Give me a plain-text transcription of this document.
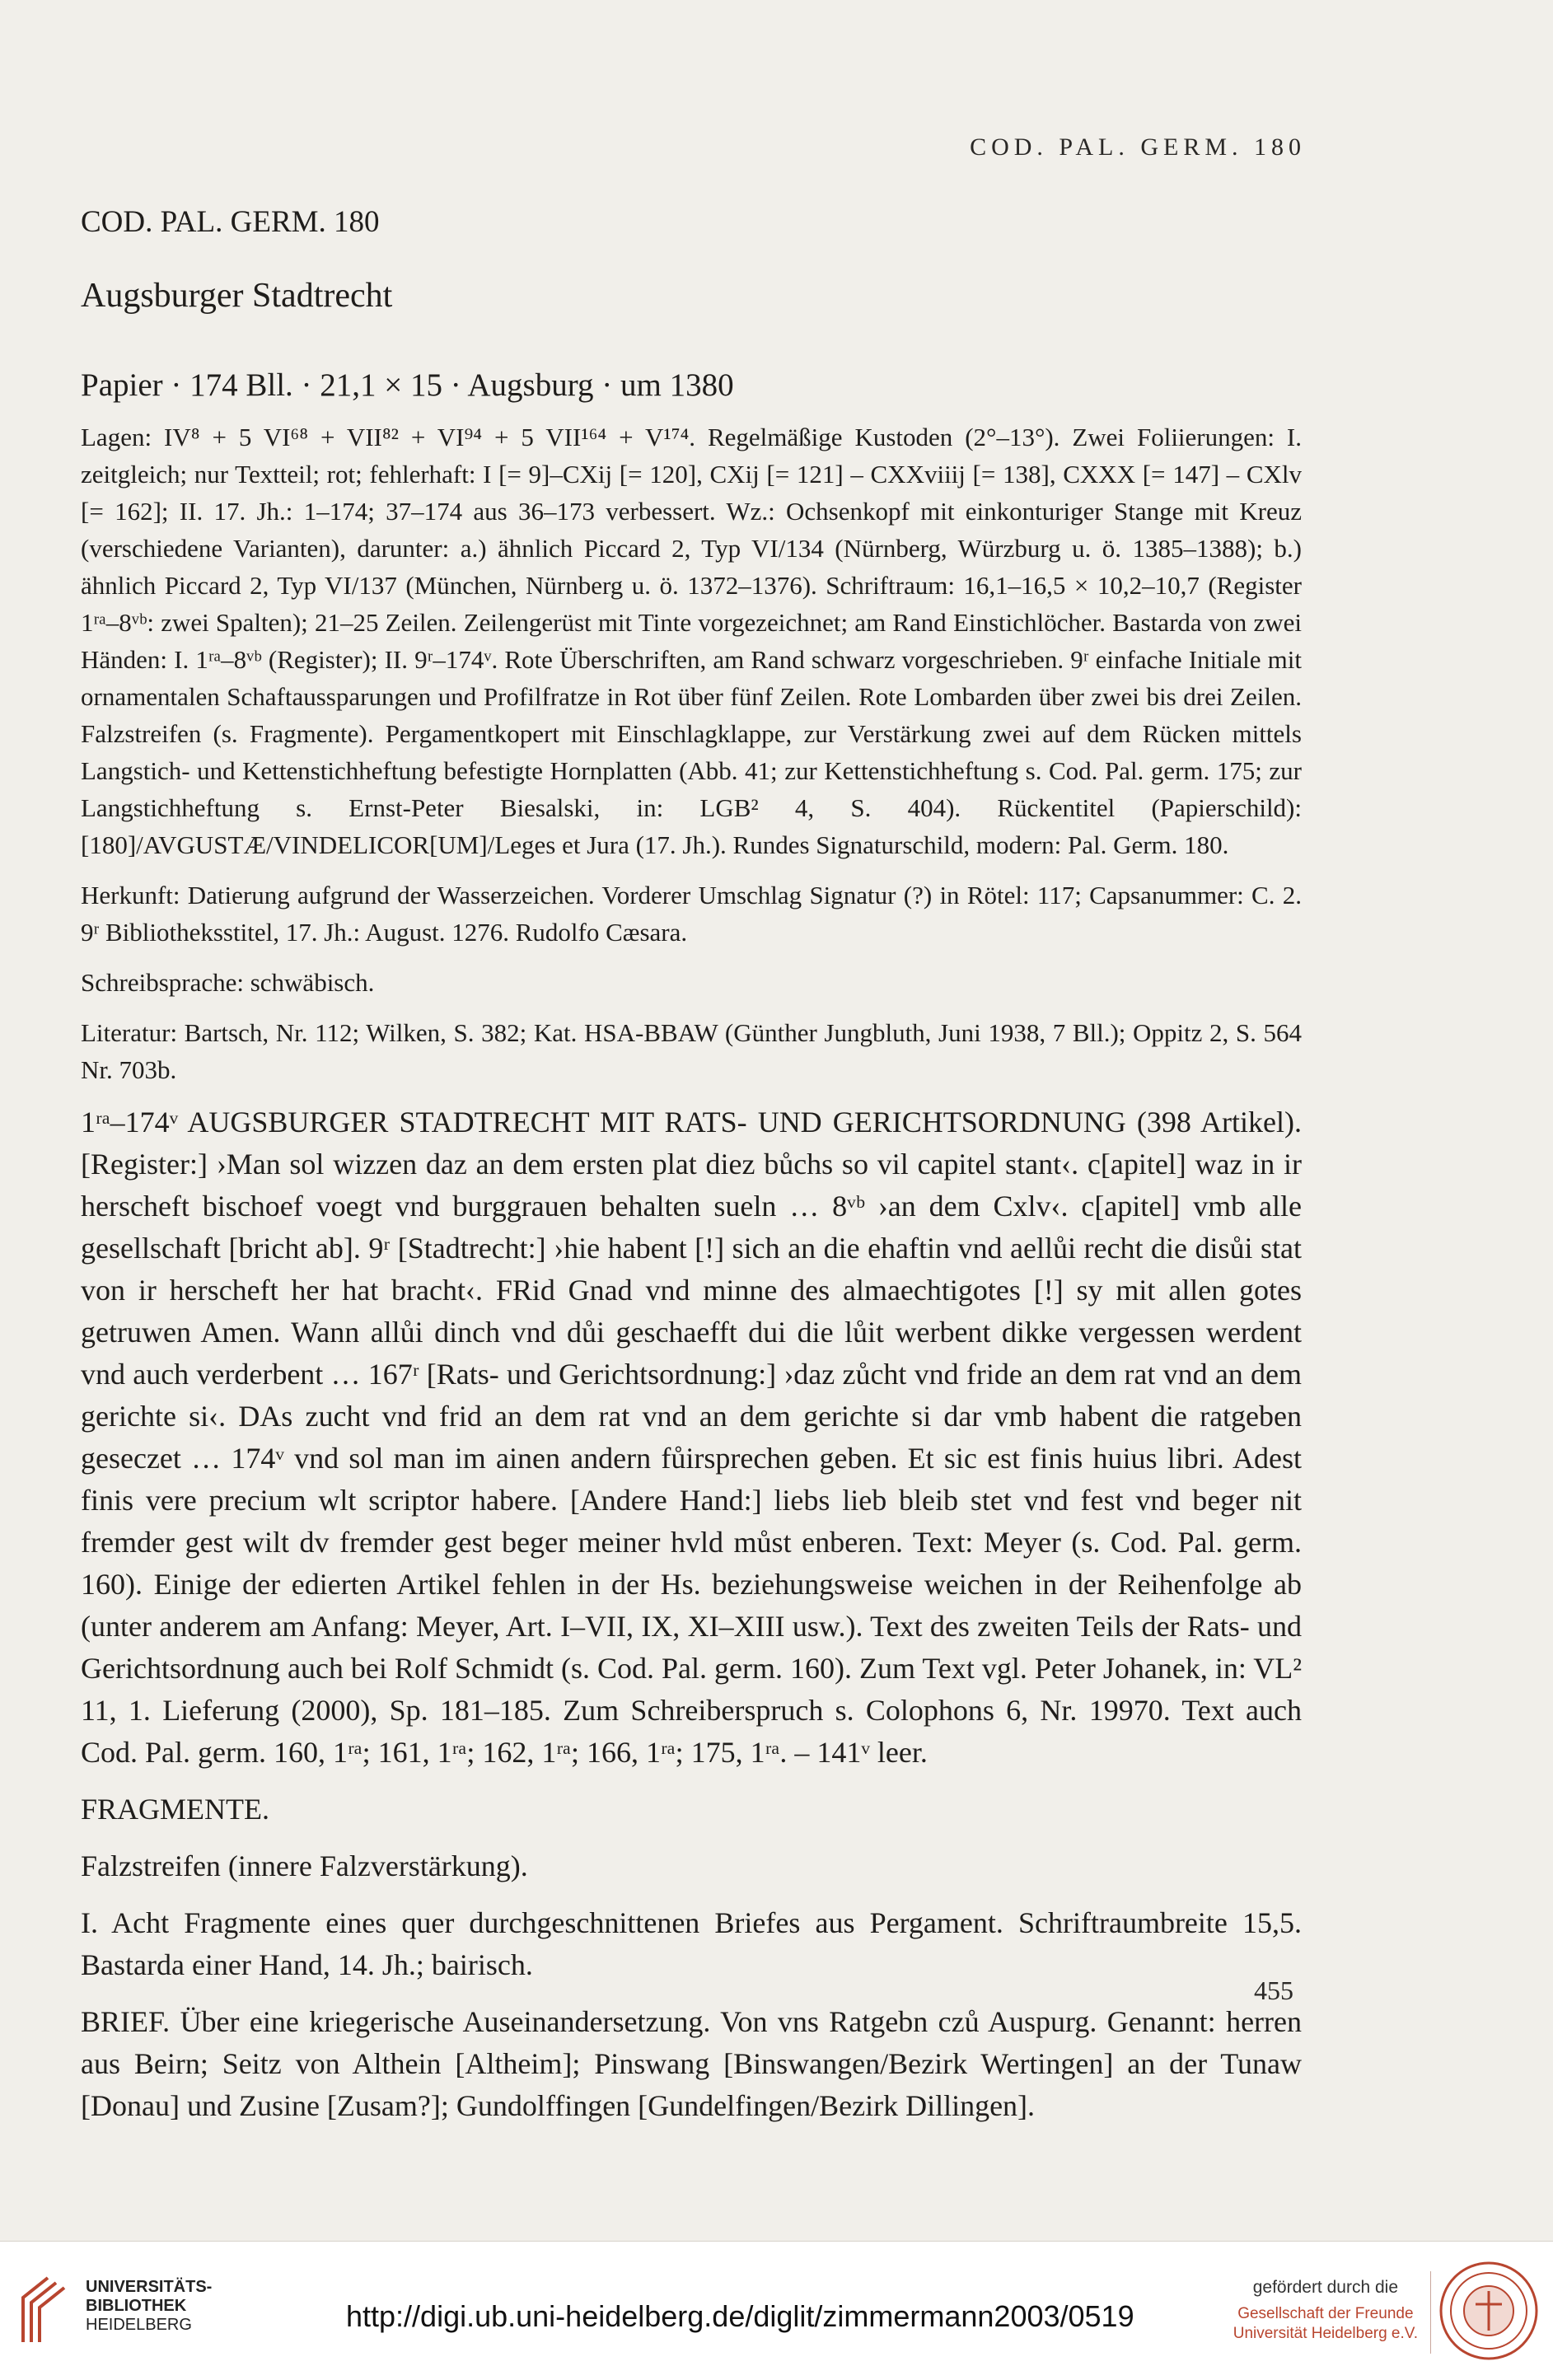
COD. PAL. GERM. 180
COD. PAL. GERM. 180
Augsburger Stadtrecht

Papier · 174 Bll. · 21,1 × 15 · Augsburg · um 1380

Lagen: IV⁸ + 5 VI⁶⁸ + VII⁸² + VI⁹⁴ + 5 VII¹⁶⁴ + V¹⁷⁴. Regelmäßige Kustoden (2°–13°). Zwei Foliierungen: I. zeitgleich; nur Textteil; rot; fehlerhaft: I [= 9]–CXij [= 120], CXij [= 121] – CXXviiij [= 138], CXXX [= 147] – CXlv [= 162]; II. 17. Jh.: 1–174; 37–174 aus 36–173 verbessert. Wz.: Ochsenkopf mit einkonturiger Stange mit Kreuz (verschiedene Varianten), darunter: a.) ähnlich Piccard 2, Typ VI/134 (Nürnberg, Würzburg u. ö. 1385–1388); b.) ähnlich Piccard 2, Typ VI/137 (München, Nürnberg u. ö. 1372–1376). Schriftraum: 16,1–16,5 × 10,2–10,7 (Register 1ʳᵃ–8ᵛᵇ: zwei Spalten); 21–25 Zeilen. Zeilengerüst mit Tinte vorgezeichnet; am Rand Einstichlöcher. Bastarda von zwei Händen: I. 1ʳᵃ–8ᵛᵇ (Register); II. 9ʳ–174ᵛ. Rote Überschriften, am Rand schwarz vorgeschrieben. 9ʳ einfache Initiale mit ornamentalen Schaftaussparungen und Profilfratze in Rot über fünf Zeilen. Rote Lombarden über zwei bis drei Zeilen. Falzstreifen (s. Fragmente). Pergamentkopert mit Einschlagklappe, zur Verstärkung zwei auf dem Rücken mittels Langstich- und Kettenstichheftung befestigte Hornplatten (Abb. 41; zur Kettenstichheftung s. Cod. Pal. germ. 175; zur Langstichheftung s. Ernst-Peter Biesalski, in: LGB² 4, S. 404). Rückentitel (Papierschild): [180]/AVGUSTÆ/VINDELICOR[UM]/Leges et Jura (17. Jh.). Rundes Signaturschild, modern: Pal. Germ. 180.

Herkunft: Datierung aufgrund der Wasserzeichen. Vorderer Umschlag Signatur (?) in Rötel: 117; Capsanummer: C. 2. 9ʳ Bibliotheksstitel, 17. Jh.: August. 1276. Rudolfo Cæsara.

Schreibsprache: schwäbisch.

Literatur: Bartsch, Nr. 112; Wilken, S. 382; Kat. HSA-BBAW (Günther Jungbluth, Juni 1938, 7 Bll.); Oppitz 2, S. 564 Nr. 703b.

1ʳᵃ–174ᵛ AUGSBURGER STADTRECHT MIT RATS- UND GERICHTSORDNUNG (398 Artikel). [Register:] ›Man sol wizzen daz an dem ersten plat diez bůchs so vil capitel stant‹. c[apitel] waz in ir herscheft bischoef voegt vnd burggrauen behalten sueln … 8ᵛᵇ ›an dem Cxlv‹. c[apitel] vmb alle gesellschaft [bricht ab]. 9ʳ [Stadtrecht:] ›hie habent [!] sich an die ehaftin vnd aellůi recht die disůi stat von ir herscheft her hat bracht‹. FRid Gnad vnd minne des almaechtigotes [!] sy mit allen gotes getruwen Amen. Wann allůi dinch vnd důi geschaefft dui die lůit werbent dikke vergessen werdent vnd auch verderbent … 167ʳ [Rats- und Gerichtsordnung:] ›daz zůcht vnd fride an dem rat vnd an dem gerichte si‹. DAs zucht vnd frid an dem rat vnd an dem gerichte si dar vmb habent die ratgeben geseczet … 174ᵛ vnd sol man im ainen andern fůirsprechen geben. Et sic est finis huius libri. Adest finis vere precium wlt scriptor habere. [Andere Hand:] liebs lieb bleib stet vnd fest vnd beger nit fremder gest wilt dv fremder gest beger meiner hvld můst enberen. Text: Meyer (s. Cod. Pal. germ. 160). Einige der edierten Artikel fehlen in der Hs. beziehungsweise weichen in der Reihenfolge ab (unter anderem am Anfang: Meyer, Art. I–VII, IX, XI–XIII usw.). Text des zweiten Teils der Rats- und Gerichtsordnung auch bei Rolf Schmidt (s. Cod. Pal. germ. 160). Zum Text vgl. Peter Johanek, in: VL² 11, 1. Lieferung (2000), Sp. 181–185. Zum Schreiberspruch s. Colophons 6, Nr. 19970. Text auch Cod. Pal. germ. 160, 1ʳᵃ; 161, 1ʳᵃ; 162, 1ʳᵃ; 166, 1ʳᵃ; 175, 1ʳᵃ. – 141ᵛ leer.

FRAGMENTE.

Falzstreifen (innere Falzverstärkung).

I. Acht Fragmente eines quer durchgeschnittenen Briefes aus Pergament. Schriftraumbreite 15,5. Bastarda einer Hand, 14. Jh.; bairisch.

BRIEF. Über eine kriegerische Auseinandersetzung. Von vns Ratgebn czů Auspurg. Genannt: herren aus Beirn; Seitz von Althein [Altheim]; Pinswang [Binswangen/Bezirk Wertingen] an der Tunaw [Donau] und Zusine [Zusam?]; Gundolffingen [Gundelfingen/Bezirk Dillingen].

455
UNIVERSITÄTS-
BIBLIOTHEK
HEIDELBERG	http://digi.ub.uni-heidelberg.de/diglit/zimmermann2003/0519
gefördert durch die
Gesellschaft der Freunde
Universität Heidelberg e.V.
